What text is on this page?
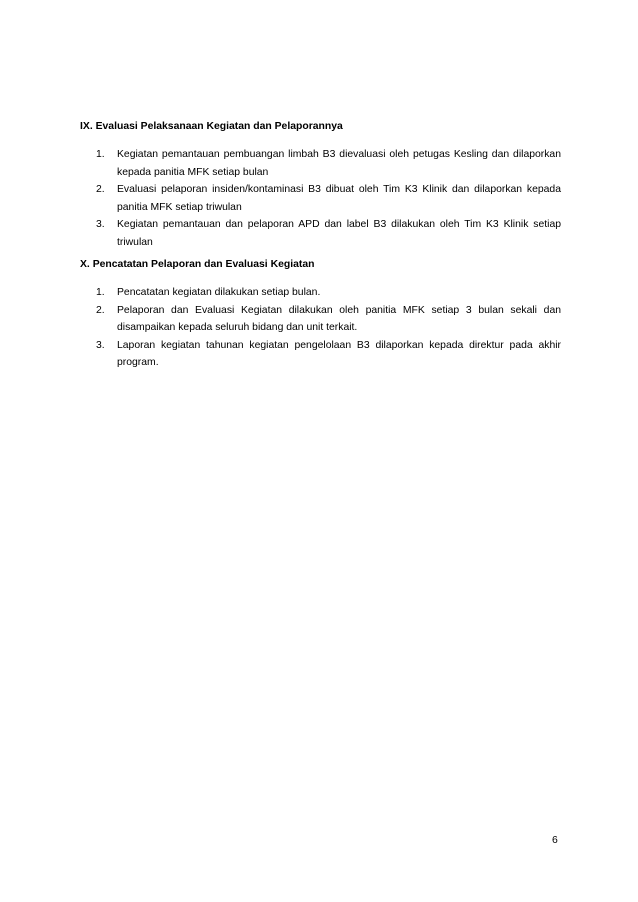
IX. Evaluasi Pelaksanaan Kegiatan dan Pelaporannya
1.	Kegiatan pemantauan pembuangan limbah B3 dievaluasi oleh petugas Kesling dan dilaporkan kepada panitia MFK setiap bulan
2.	Evaluasi pelaporan insiden/kontaminasi B3 dibuat oleh Tim K3 Klinik dan dilaporkan kepada panitia MFK setiap triwulan
3.	Kegiatan pemantauan dan pelaporan APD dan label B3 dilakukan oleh Tim K3 Klinik setiap triwulan
X. Pencatatan Pelaporan dan Evaluasi Kegiatan
1.	Pencatatan kegiatan dilakukan setiap bulan.
2.	Pelaporan dan Evaluasi Kegiatan dilakukan oleh panitia MFK setiap 3 bulan sekali dan disampaikan kepada seluruh bidang dan unit terkait.
3.	Laporan kegiatan tahunan kegiatan pengelolaan B3 dilaporkan kepada direktur pada akhir program.
6
